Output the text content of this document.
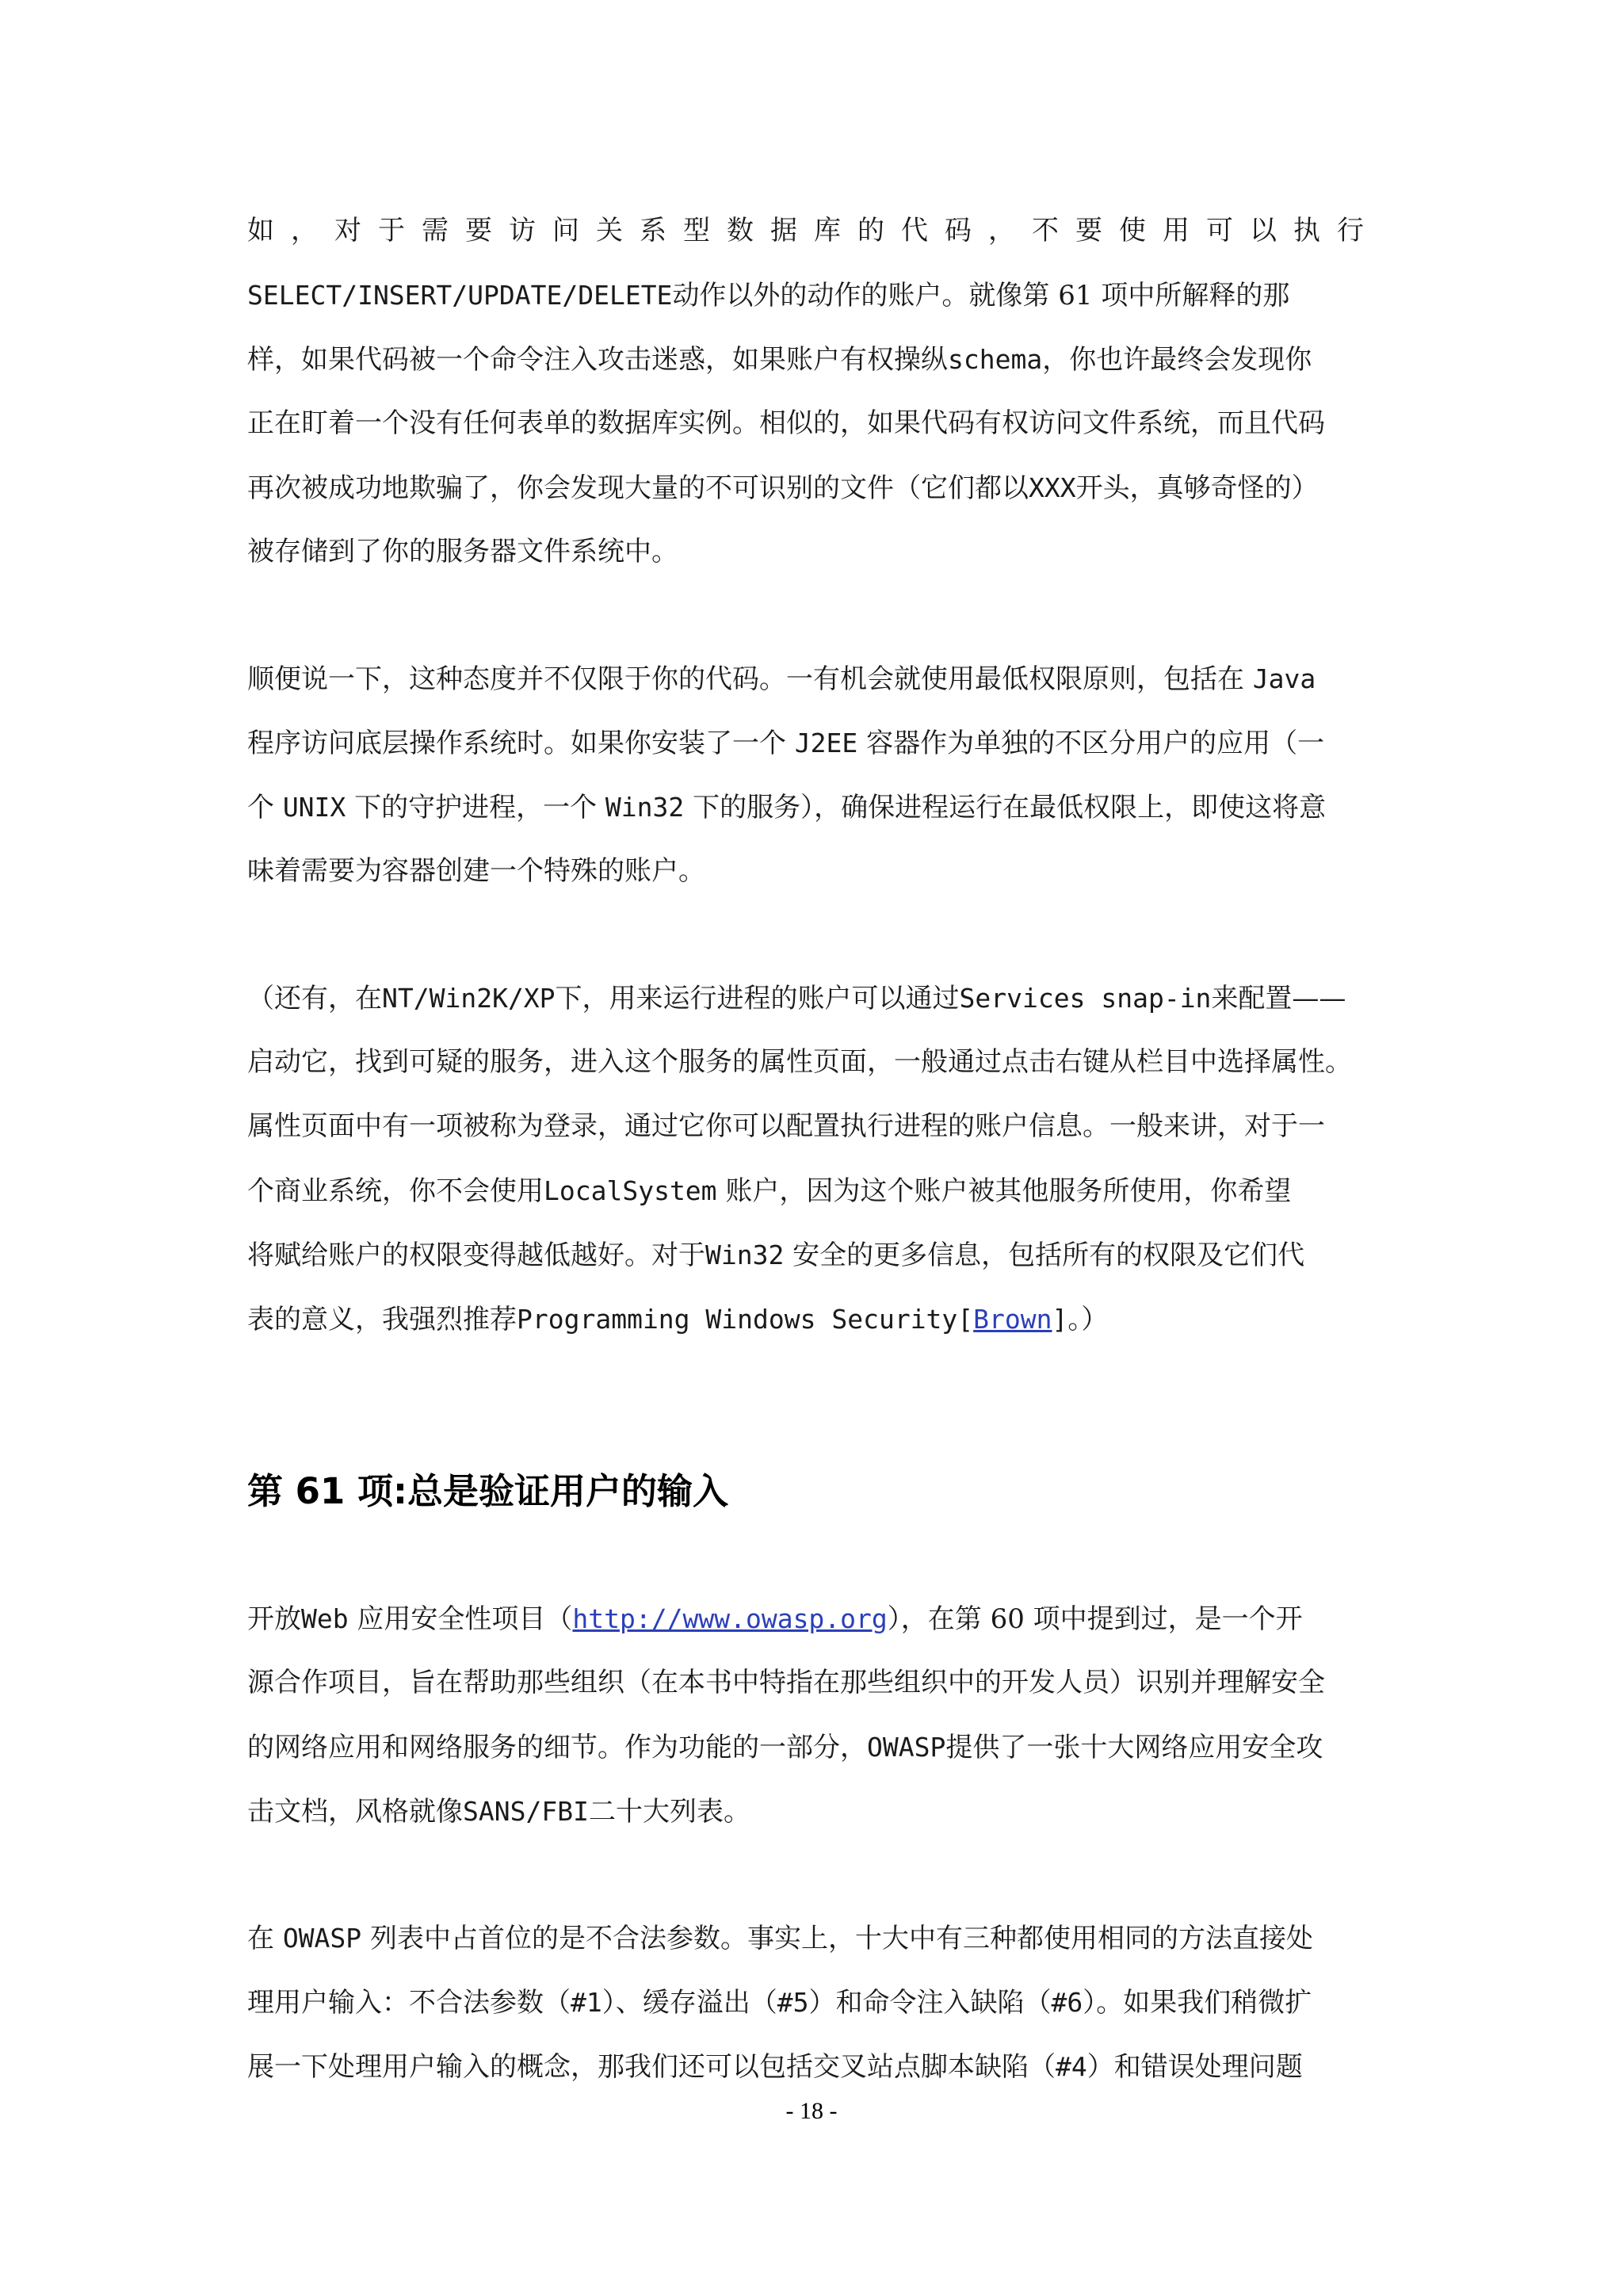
如，对于需要访问关系型数据库的代码，不要使用可以执行
SELECT/INSERT/UPDATE/DELETE动作以外的动作的账户。就像第 61 项中所解释的那
样，如果代码被一个命令注入攻击迷惑，如果账户有权操纵schema，你也许最终会发现你
正在盯着一个没有任何表单的数据库实例。相似的，如果代码有权访问文件系统，而且代码
再次被成功地欺骗了，你会发现大量的不可识别的文件（它们都以XXX开头，真够奇怪的）
被存储到了你的服务器文件系统中。
顺便说一下，这种态度并不仅限于你的代码。一有机会就使用最低权限原则，包括在 Java
程序访问底层操作系统时。如果你安装了一个 J2EE 容器作为单独的不区分用户的应用（一
个 UNIX 下的守护进程，一个 Win32 下的服务），确保进程运行在最低权限上，即使这将意
味着需要为容器创建一个特殊的账户。
（还有，在NT/Win2K/XP下，用来运行进程的账户可以通过Services snap-in来配置——
启动它，找到可疑的服务，进入这个服务的属性页面，一般通过点击右键从栏目中选择属性。
属性页面中有一项被称为登录，通过它你可以配置执行进程的账户信息。一般来讲，对于一
个商业系统，你不会使用LocalSystem 账户，因为这个账户被其他服务所使用，你希望
将赋给账户的权限变得越低越好。对于Win32 安全的更多信息，包括所有的权限及它们代
表的意义，我强烈推荐Programming Windows Security[Brown]。）
第 61 项:总是验证用户的输入
开放Web 应用安全性项目（http://www.owasp.org），在第 60 项中提到过，是一个开
源合作项目，旨在帮助那些组织（在本书中特指在那些组织中的开发人员）识别并理解安全
的网络应用和网络服务的细节。作为功能的一部分，OWASP提供了一张十大网络应用安全攻
击文档，风格就像SANS/FBI二十大列表。
在 OWASP 列表中占首位的是不合法参数。事实上，十大中有三种都使用相同的方法直接处
理用户输入：不合法参数（#1）、缓存溢出（#5）和命令注入缺陷（#6）。如果我们稍微扩
展一下处理用户输入的概念，那我们还可以包括交叉站点脚本缺陷（#4）和错误处理问题
- 18 -
